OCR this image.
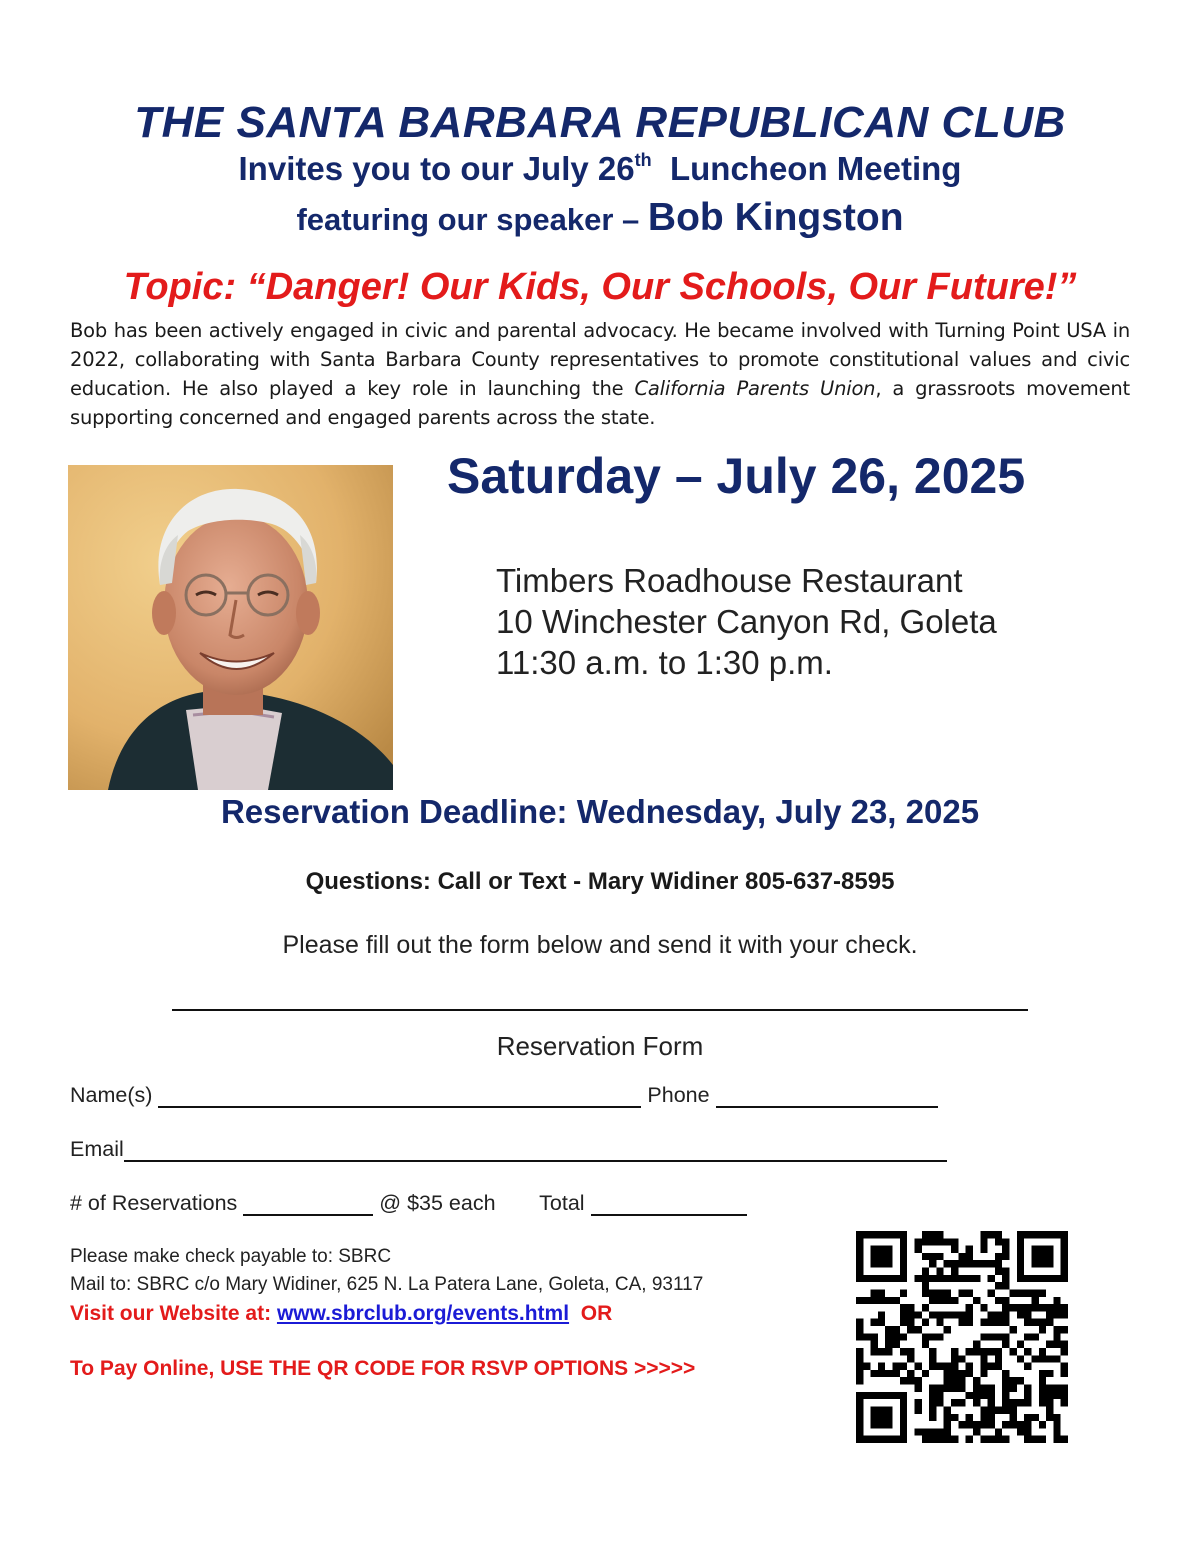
THE SANTA BARBARA REPUBLICAN CLUB
Invites you to our July 26th Luncheon Meeting
featuring our speaker – Bob Kingston
Topic: “Danger! Our Kids, Our Schools, Our Future!”
Bob has been actively engaged in civic and parental advocacy. He became involved with Turning Point USA in 2022, collaborating with Santa Barbara County representatives to promote constitutional values and civic education. He also played a key role in launching the California Parents Union, a grassroots movement supporting concerned and engaged parents across the state.
Saturday – July 26, 2025
Timbers Roadhouse Restaurant
10 Winchester Canyon Rd, Goleta
11:30 a.m. to 1:30 p.m.
Reservation Deadline: Wednesday, July 23, 2025
Questions: Call or Text - Mary Widiner 805-637-8595
Please fill out the form below and send it with your check.
Reservation Form
Name(s)	Phone
Email
# of Reservations	@ $35 each Total
Please make check payable to: SBRC
Mail to: SBRC c/o Mary Widiner, 625 N. La Patera Lane, Goleta, CA, 93117
Visit our Website at: www.sbrclub.org/events.html OR
To Pay Online, USE THE QR CODE FOR RSVP OPTIONS >>>>>
